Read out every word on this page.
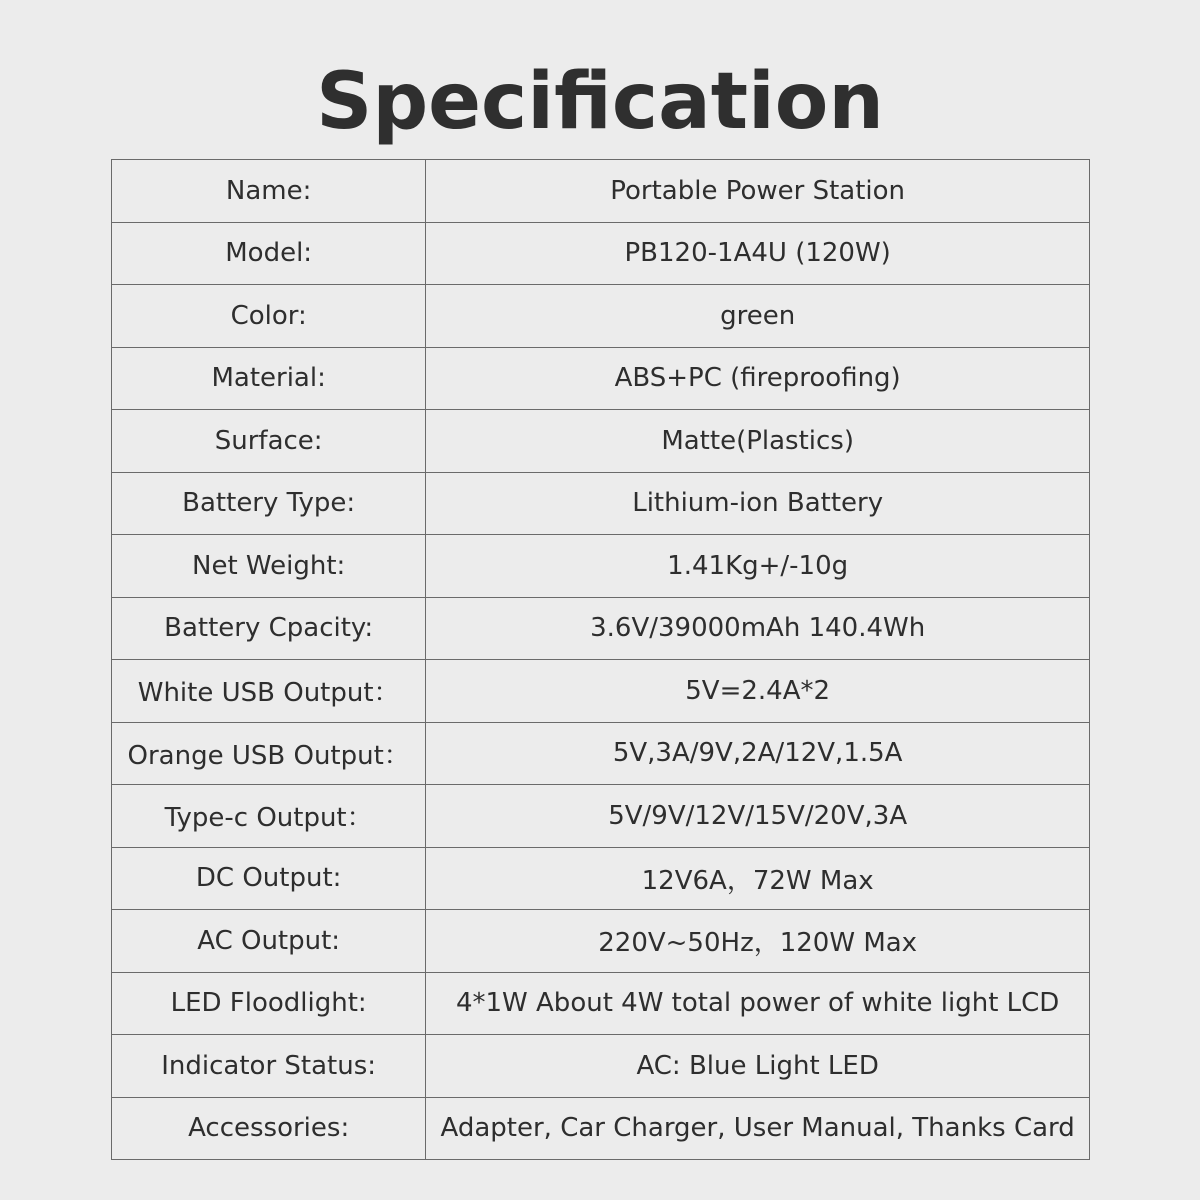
Specification
Name:	Portable Power Station
Model:	PB120-1A4U (120W)
Color:	green
Material:	ABS+PC (fireproofing)
Surface:	Matte(Plastics)
Battery Type:	Lithium-ion Battery
Net Weight:	1.41Kg+/-10g
Battery Cpacity:	3.6V/39000mAh 140.4Wh
White USB Output：	5V=2.4A*2
Orange USB Output：	5V,3A/9V,2A/12V,1.5A
Type-c Output：	5V/9V/12V/15V/20V,3A
DC Output:	12V6A，72W Max
AC Output:	220V~50Hz，120W Max
LED Floodlight:	4*1W About 4W total power of white light LCD
Indicator Status:	AC: Blue Light LED
Accessories:	Adapter, Car Charger, User Manual, Thanks Card
